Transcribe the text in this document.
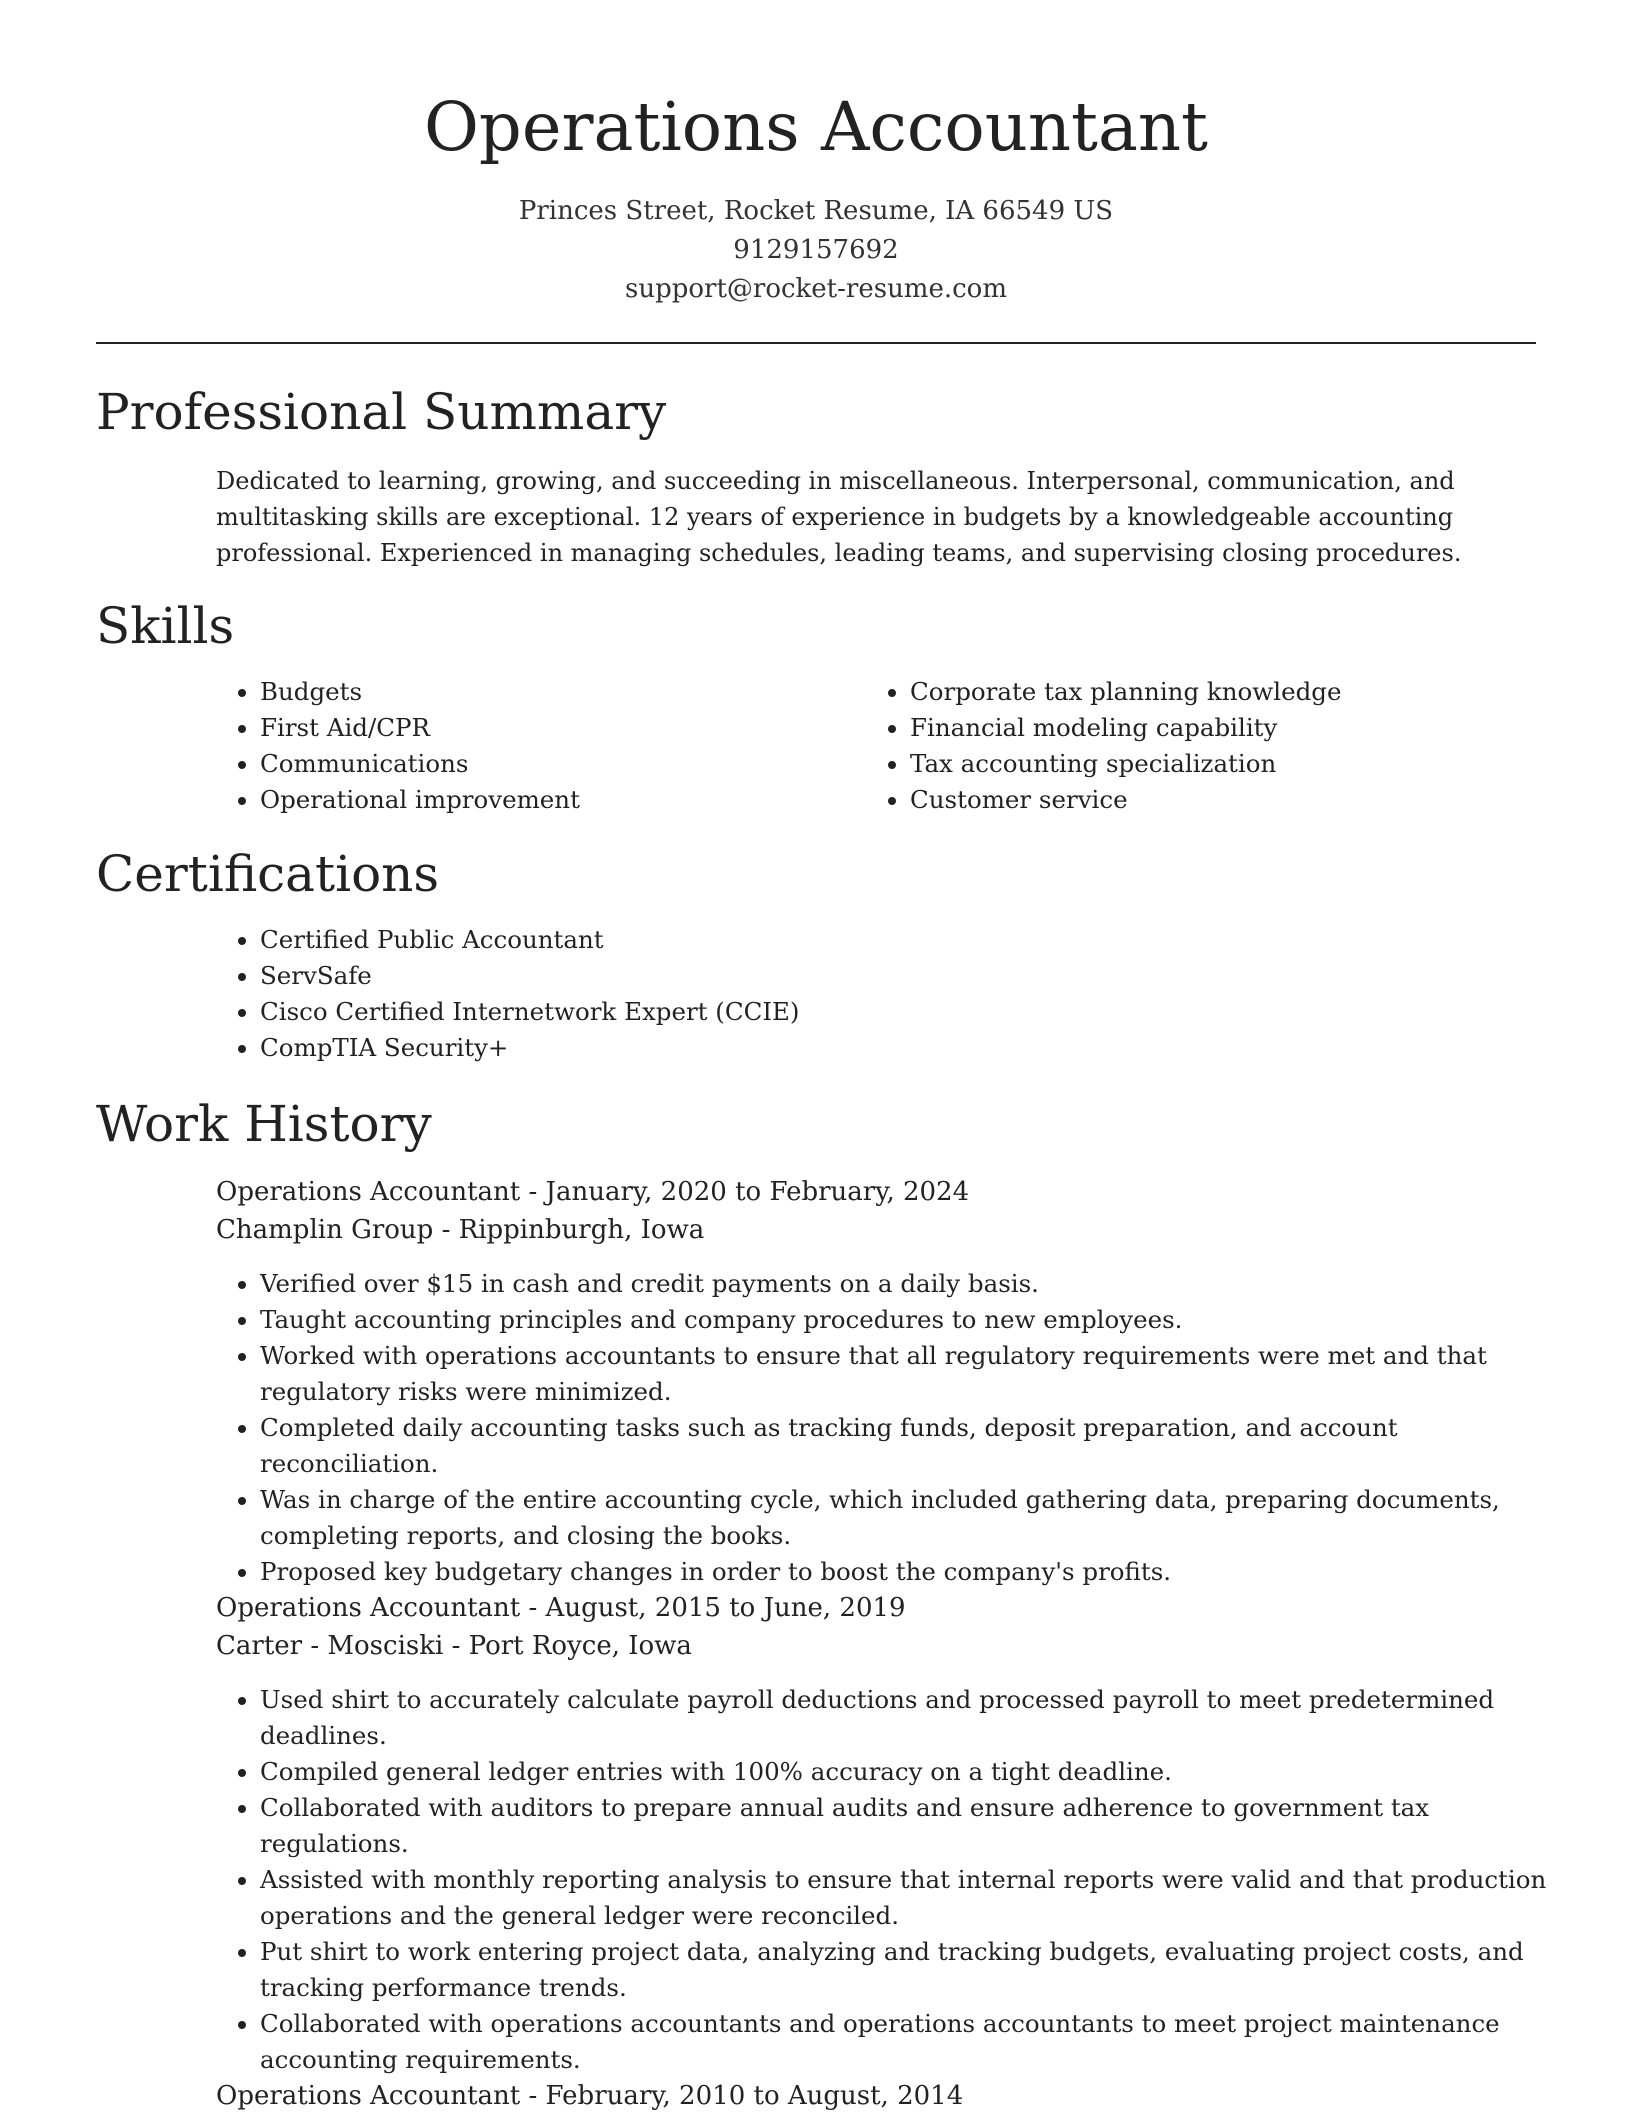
Operations Accountant
Princes Street, Rocket Resume, IA 66549 US
9129157692
support@rocket-resume.com
Professional Summary

Dedicated to learning, growing, and succeeding in miscellaneous. Interpersonal, communication, and multitasking skills are exceptional. 12 years of experience in budgets by a knowledgeable accounting professional. Experienced in managing schedules, leading teams, and supervising closing procedures.

Skills
• Budgets
• First Aid/CPR
• Communications
• Operational improvement
• Corporate tax planning knowledge
• Financial modeling capability
• Tax accounting specialization
• Customer service
Certifications
• Certified Public Accountant
• ServSafe
• Cisco Certified Internetwork Expert (CCIE)
• CompTIA Security+
Work History
Operations Accountant - January, 2020 to February, 2024
Champlin Group - Rippinburgh, Iowa
• Verified over $15 in cash and credit payments on a daily basis.
• Taught accounting principles and company procedures to new employees.
• Worked with operations accountants to ensure that all regulatory requirements were met and that regulatory risks were minimized.
• Completed daily accounting tasks such as tracking funds, deposit preparation, and account reconciliation.
• Was in charge of the entire accounting cycle, which included gathering data, preparing documents, completing reports, and closing the books.
• Proposed key budgetary changes in order to boost the company's profits.
Operations Accountant - August, 2015 to June, 2019
Carter - Mosciski - Port Royce, Iowa
• Used shirt to accurately calculate payroll deductions and processed payroll to meet predetermined deadlines.
• Compiled general ledger entries with 100% accuracy on a tight deadline.
• Collaborated with auditors to prepare annual audits and ensure adherence to government tax regulations.
• Assisted with monthly reporting analysis to ensure that internal reports were valid and that production operations and the general ledger were reconciled.
• Put shirt to work entering project data, analyzing and tracking budgets, evaluating project costs, and tracking performance trends.
• Collaborated with operations accountants and operations accountants to meet project maintenance accounting requirements.
Operations Accountant - February, 2010 to August, 2014
